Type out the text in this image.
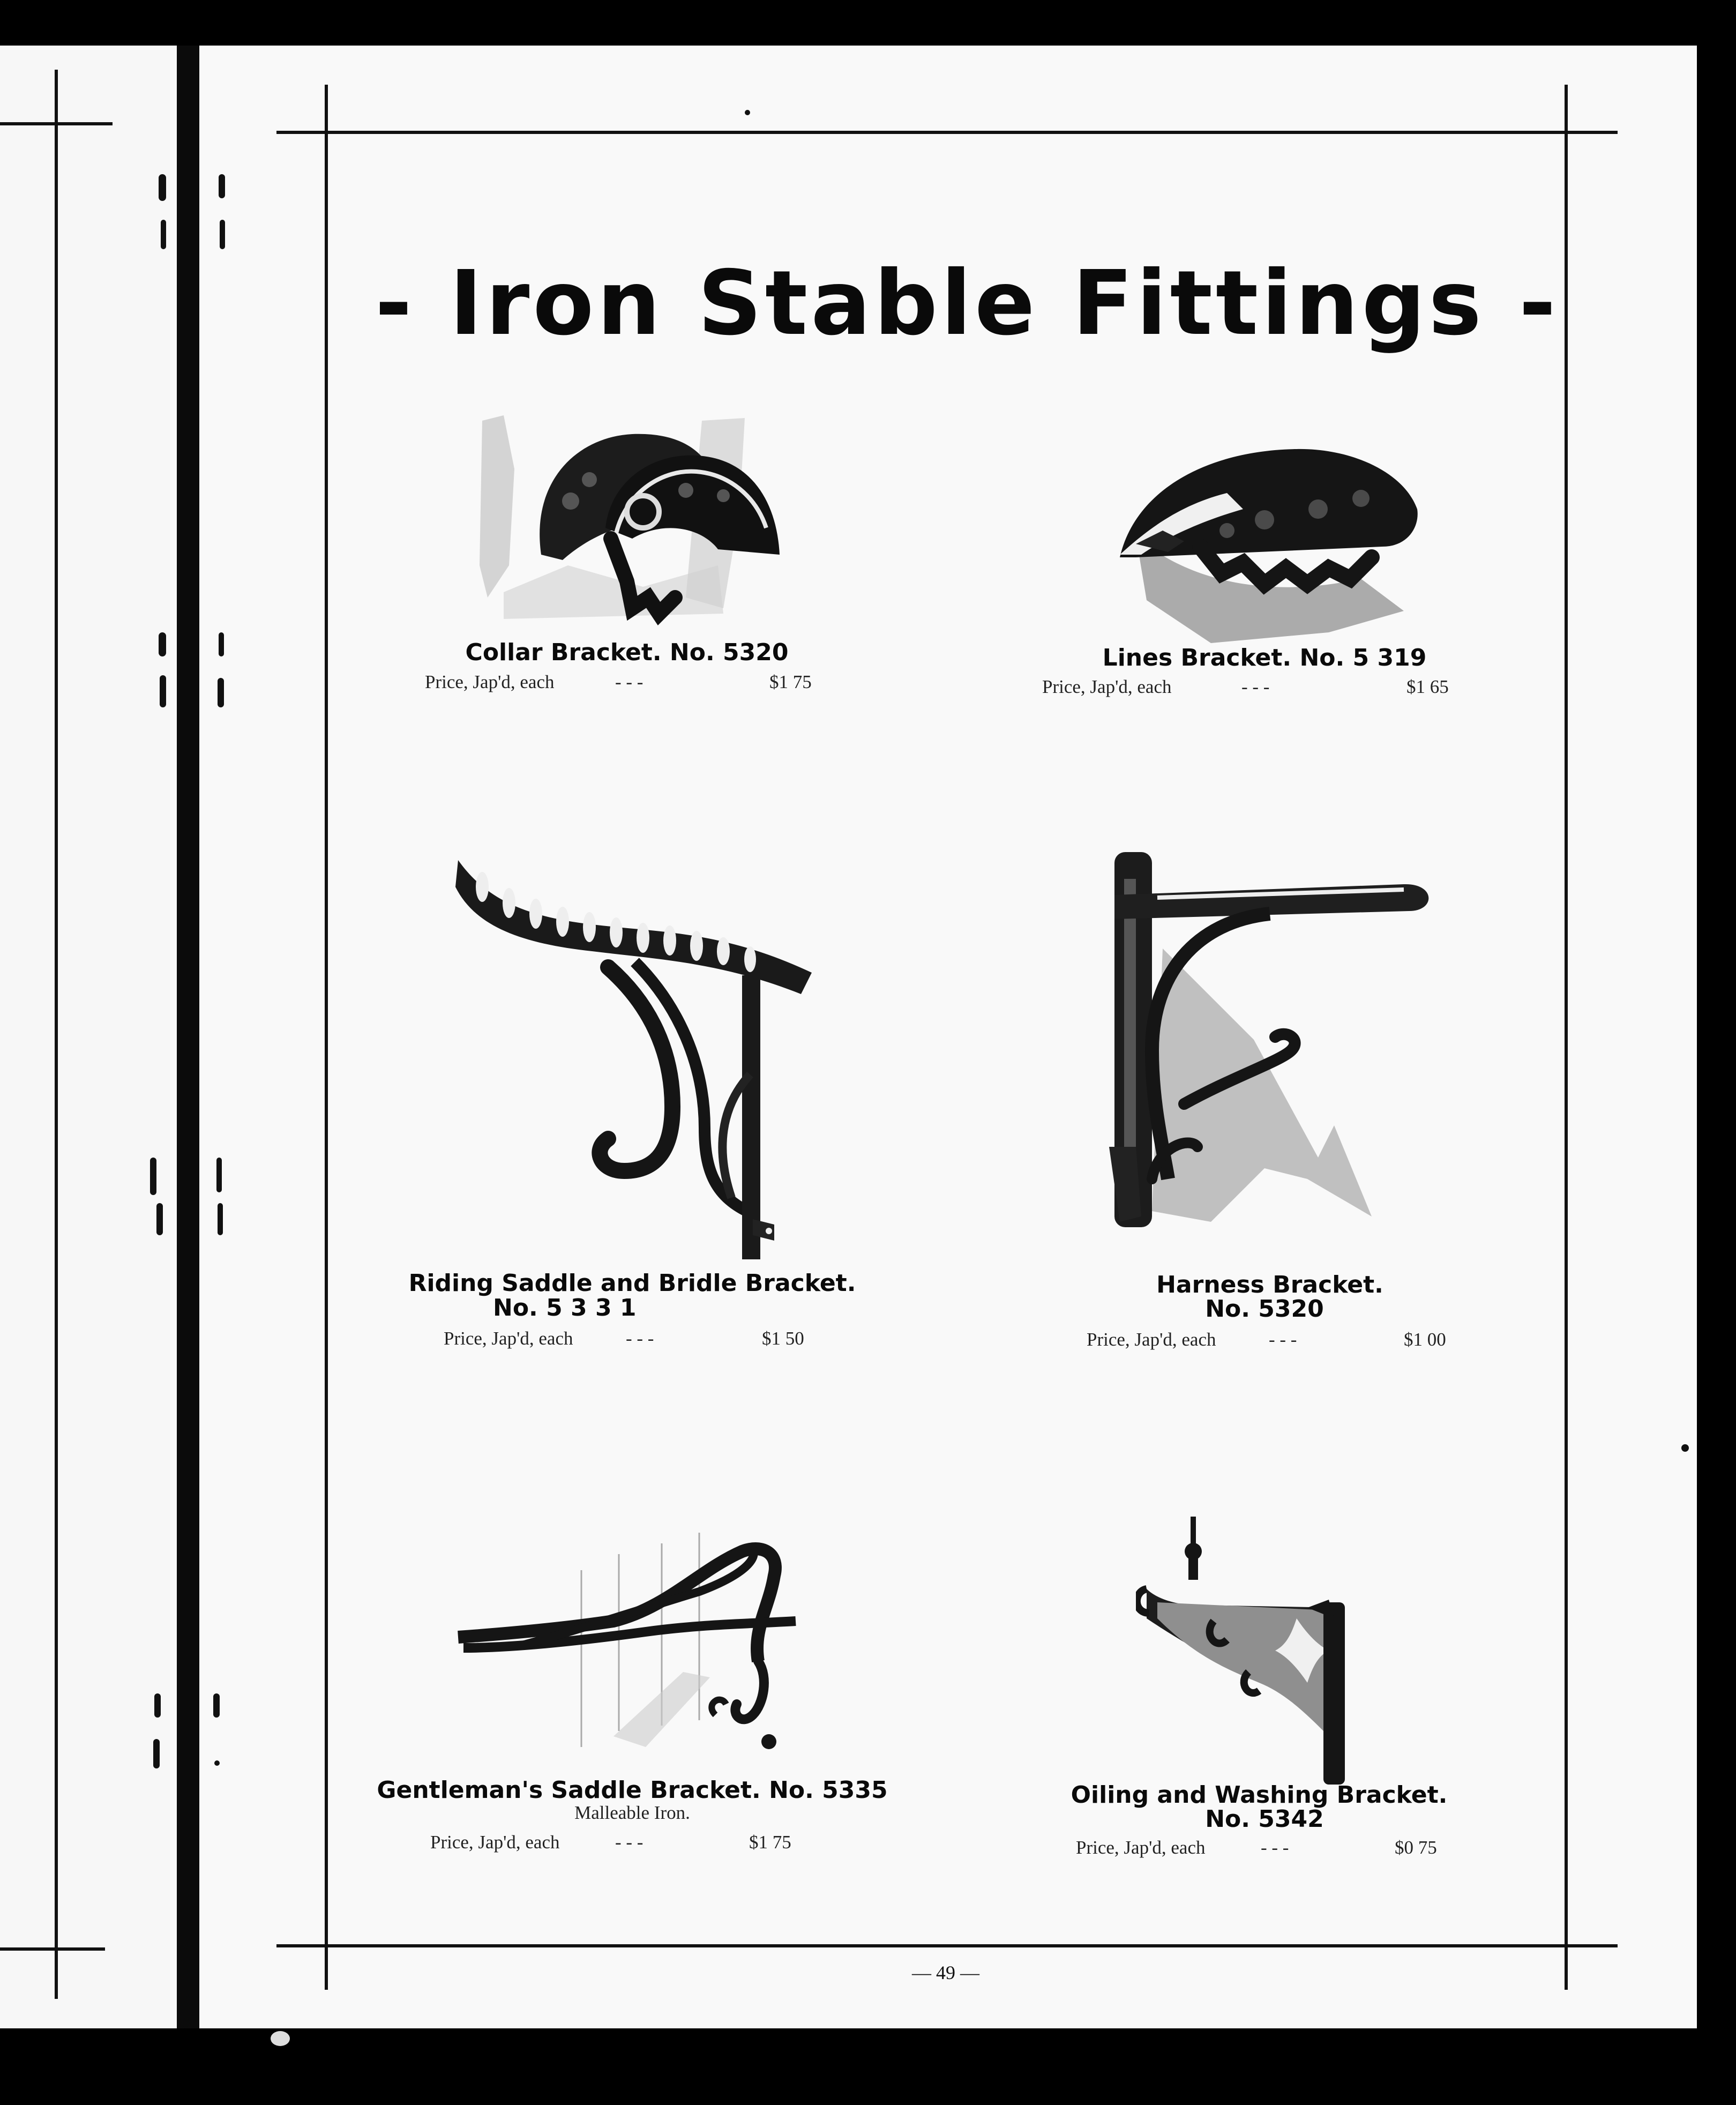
- Iron Stable Fittings -
Collar Bracket. No. 5320
Price, Jap'd, each	- - -	$1 75
Lines Bracket. No. 5 319
Price, Jap'd, each	- - -	$1 65
Riding Saddle and Bridle Bracket.
No. 5 3 3 1
Price, Jap'd, each	- - -	$1 50
Harness Bracket.
No. 5320
Price, Jap'd, each	- - -	$1 00
Gentleman's Saddle Bracket. No. 5335
Malleable Iron.
Price, Jap'd, each	- - -	$1 75
Oiling and Washing Bracket.
No. 5342
Price, Jap'd, each	- - -	$0 75
— 49 —
